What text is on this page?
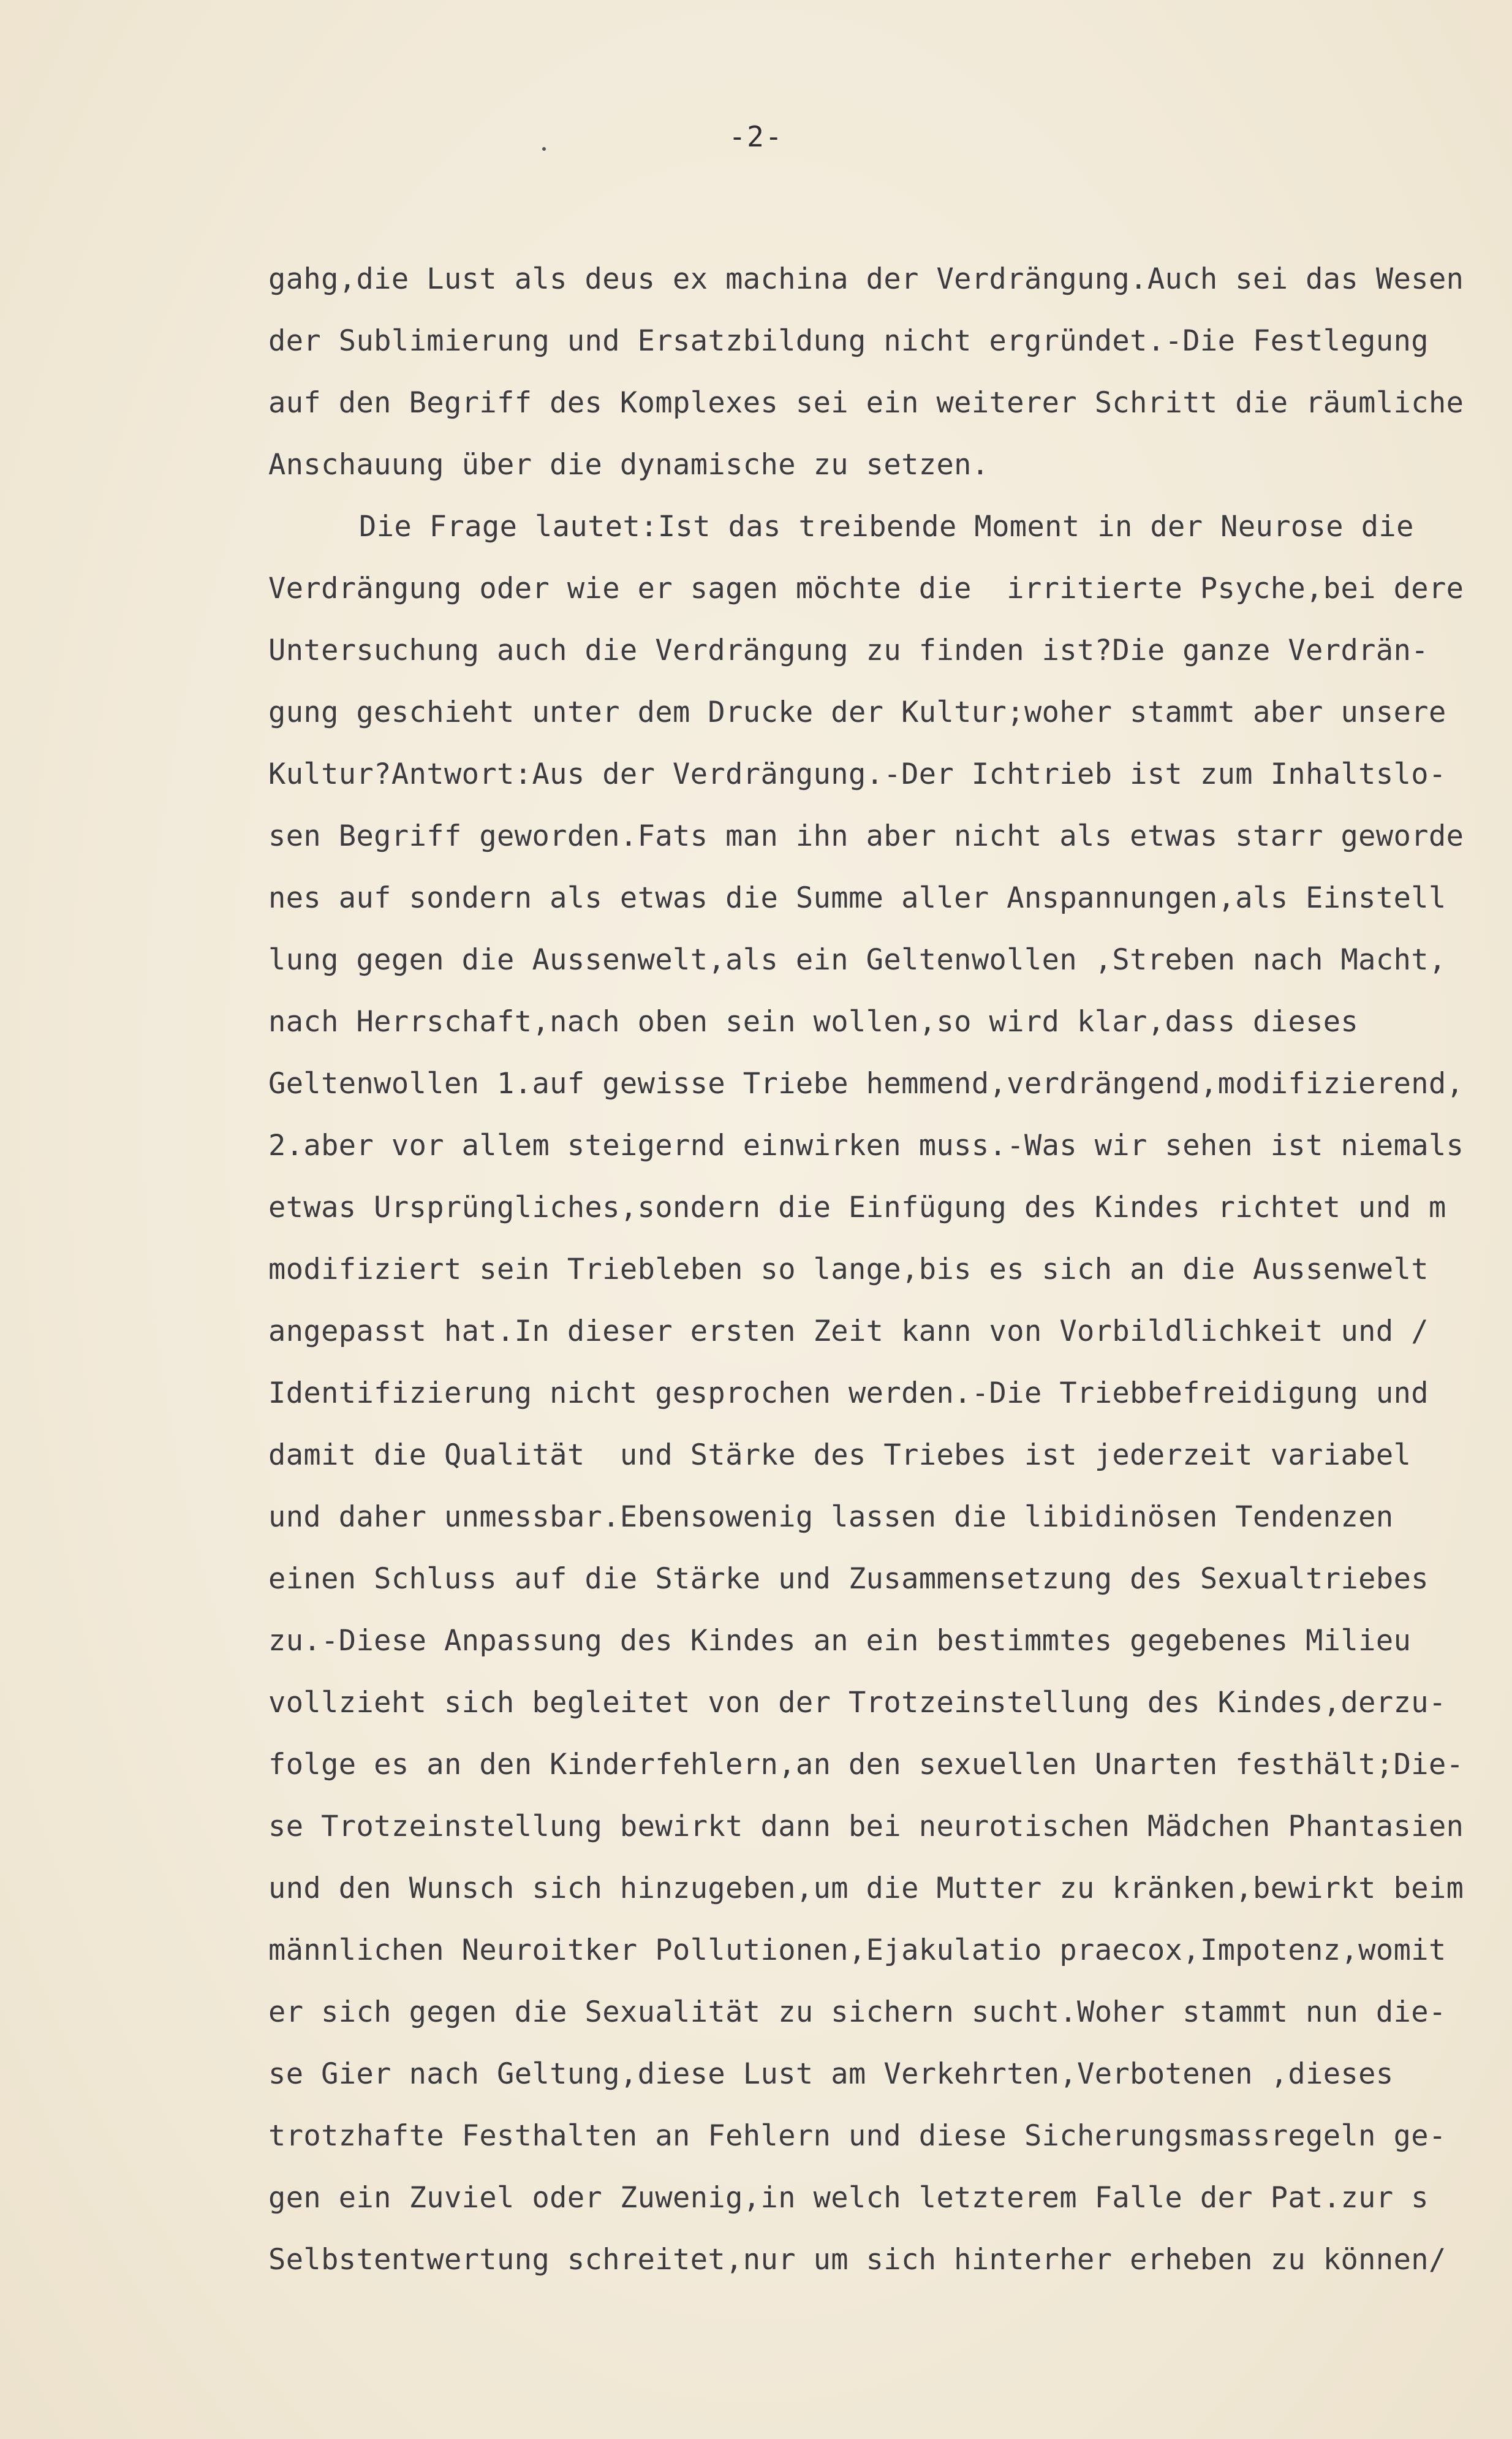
-2-
gahg,die Lust als deus ex machina der Verdrängung.Auch sei das Wesen
der Sublimierung und Ersatzbildung nicht ergründet.-Die Festlegung
auf den Begriff des Komplexes sei ein weiterer Schritt die räumliche
Anschauung über die dynamische zu setzen.
Die Frage lautet:Ist das treibende Moment in der Neurose die
Verdrängung oder wie er sagen möchte die  irritierte Psyche,bei dere
Untersuchung auch die Verdrängung zu finden ist?Die ganze Verdrän-
gung geschieht unter dem Drucke der Kultur;woher stammt aber unsere
Kultur?Antwort:Aus der Verdrängung.-Der Ichtrieb ist zum Inhaltslo-
sen Begriff geworden.Fats man ihn aber nicht als etwas starr geworde
nes auf sondern als etwas die Summe aller Anspannungen,als Einstell
lung gegen die Aussenwelt,als ein Geltenwollen ,Streben nach Macht,
nach Herrschaft,nach oben sein wollen,so wird klar,dass dieses
Geltenwollen 1.auf gewisse Triebe hemmend,verdrängend,modifizierend,
2.aber vor allem steigernd einwirken muss.-Was wir sehen ist niemals
etwas Ursprüngliches,sondern die Einfügung des Kindes richtet und m
modifiziert sein Triebleben so lange,bis es sich an die Aussenwelt
angepasst hat.In dieser ersten Zeit kann von Vorbildlichkeit und /
Identifizierung nicht gesprochen werden.-Die Triebbefreidigung und
damit die Qualität  und Stärke des Triebes ist jederzeit variabel
und daher unmessbar.Ebensowenig lassen die libidinösen Tendenzen
einen Schluss auf die Stärke und Zusammensetzung des Sexualtriebes
zu.-Diese Anpassung des Kindes an ein bestimmtes gegebenes Milieu
vollzieht sich begleitet von der Trotzeinstellung des Kindes,derzu-
folge es an den Kinderfehlern,an den sexuellen Unarten festhält;Die-
se Trotzeinstellung bewirkt dann bei neurotischen Mädchen Phantasien
und den Wunsch sich hinzugeben,um die Mutter zu kränken,bewirkt beim
männlichen Neuroitker Pollutionen,Ejakulatio praecox,Impotenz,womit
er sich gegen die Sexualität zu sichern sucht.Woher stammt nun die-
se Gier nach Geltung,diese Lust am Verkehrten,Verbotenen ,dieses
trotzhafte Festhalten an Fehlern und diese Sicherungsmassregeln ge-
gen ein Zuviel oder Zuwenig,in welch letzterem Falle der Pat.zur s
Selbstentwertung schreitet,nur um sich hinterher erheben zu können/
